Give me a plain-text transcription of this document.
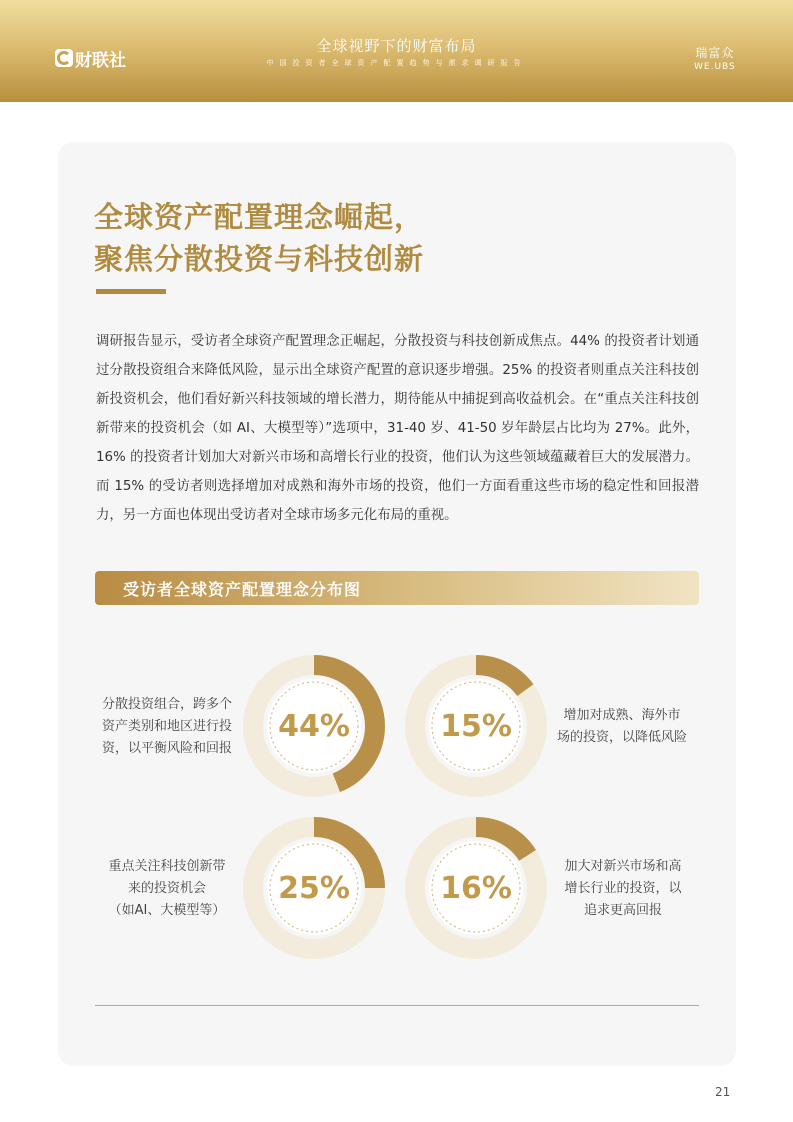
财联社
全球视野下的财富布局
中国投资者全球资产配置趋势与需求调研报告
瑞富众
WE.UBS
全球资产配置理念崛起，
聚焦分散投资与科技创新
调研报告显示，受访者全球资产配置理念正崛起，分散投资与科技创新成焦点。44% 的投资者计划通过分散投资组合来降低风险，显示出全球资产配置的意识逐步增强。25% 的投资者则重点关注科技创新投资机会，他们看好新兴科技领域的增长潜力，期待能从中捕捉到高收益机会。在“重点关注科技创新带来的投资机会（如 AI、大模型等）”选项中，31-40 岁、41-50 岁年龄层占比均为 27%。此外，16% 的投资者计划加大对新兴市场和高增长行业的投资，他们认为这些领域蕴藏着巨大的发展潜力。而 15% 的受访者则选择增加对成熟和海外市场的投资，他们一方面看重这些市场的稳定性和回报潜力，另一方面也体现出受访者对全球市场多元化布局的重视。
受访者全球资产配置理念分布图
44%	15%
25%	16%
分散投资组合，跨多个
资产类别和地区进行投
资，以平衡风险和回报
增加对成熟、海外市
场的投资，以降低风险
重点关注科技创新带
来的投资机会
（如AI、大模型等）
加大对新兴市场和高
增长行业的投资，以
追求更高回报
21
